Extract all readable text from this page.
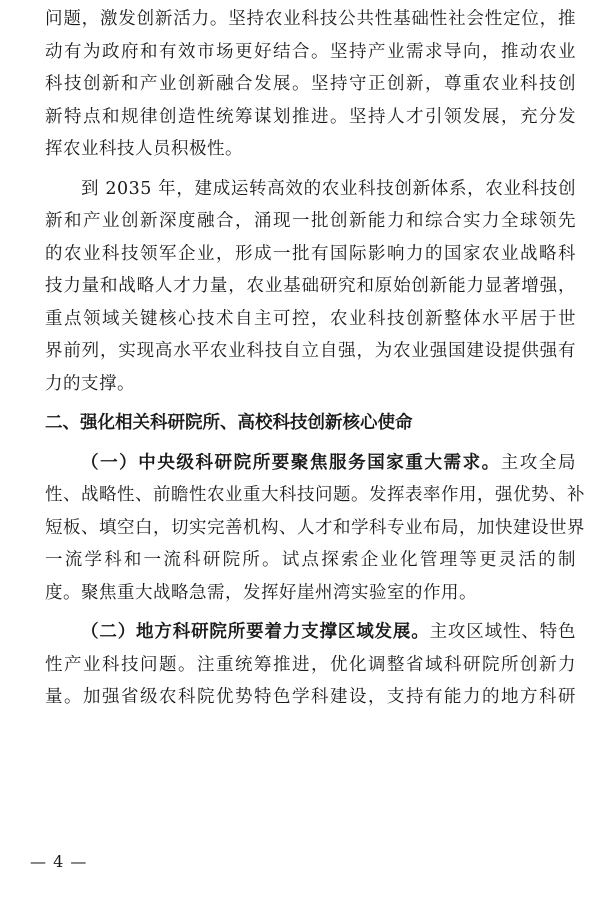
问题，激发创新活力。坚持农业科技公共性基础性社会性定位，推
动有为政府和有效市场更好结合。坚持产业需求导向，推动农业
科技创新和产业创新融合发展。坚持守正创新，尊重农业科技创
新特点和规律创造性统筹谋划推进。坚持人才引领发展，充分发
挥农业科技人员积极性。
到 2035 年，建成运转高效的农业科技创新体系，农业科技创
新和产业创新深度融合，涌现一批创新能力和综合实力全球领先
的农业科技领军企业，形成一批有国际影响力的国家农业战略科
技力量和战略人才力量，农业基础研究和原始创新能力显著增强，
重点领域关键核心技术自主可控，农业科技创新整体水平居于世
界前列，实现高水平农业科技自立自强，为农业强国建设提供强有
力的支撑。
二、强化相关科研院所、高校科技创新核心使命
（一）中央级科研院所要聚焦服务国家重大需求。主攻全局
性、战略性、前瞻性农业重大科技问题。发挥表率作用，强优势、补
短板、填空白，切实完善机构、人才和学科专业布局，加快建设世界
一流学科和一流科研院所。试点探索企业化管理等更灵活的制
度。聚焦重大战略急需，发挥好崖州湾实验室的作用。
（二）地方科研院所要着力支撑区域发展。主攻区域性、特色
性产业科技问题。注重统筹推进，优化调整省域科研院所创新力
量。加强省级农科院优势特色学科建设，支持有能力的地方科研
— 4 —
